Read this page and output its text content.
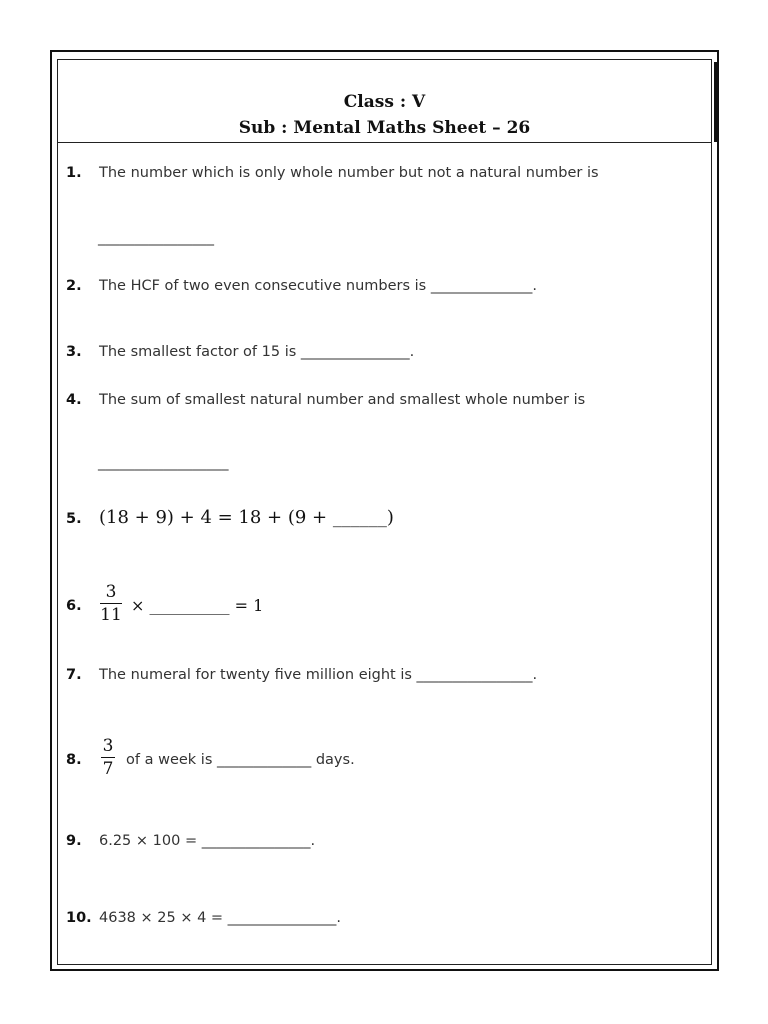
Class : V
Sub : Mental Maths Sheet – 26
1. The number which is only whole number but not a natural number is
________________
2. The HCF of two even consecutive numbers is ______________.
3. The smallest factor of 15 is _______________.
4. The sum of smallest natural number and smallest whole number is
__________________
5. (18 + 9) + 4 = 18 + (9 + ______)
6.
3
11 × __________ = 1
7. The numeral for twenty five million eight is ________________.
8.
3
7 of a week is _____________ days.
9. 6.25 × 100 = _______________.
10. 4638 × 25 × 4 = _______________.
